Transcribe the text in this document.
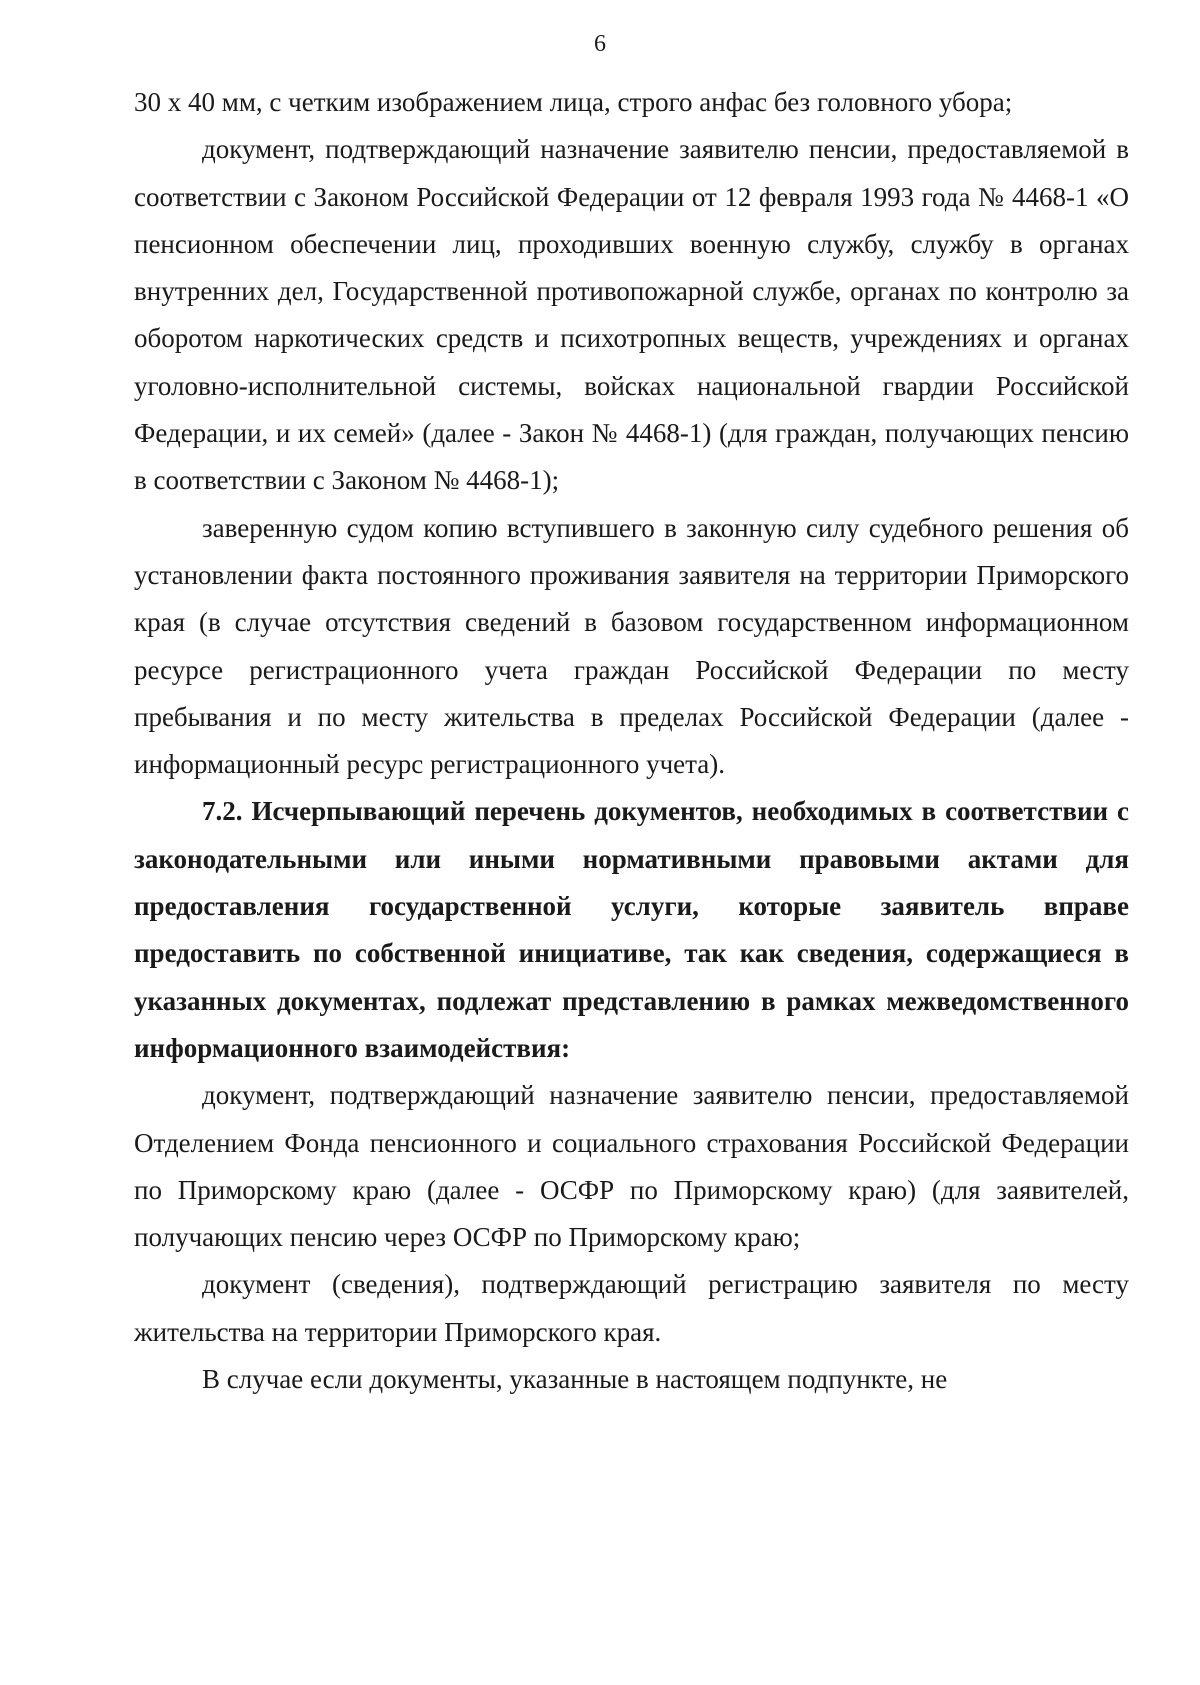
6

30 х 40 мм, с четким изображением лица, строго анфас без головного убора;

документ, подтверждающий назначение заявителю пенсии, предоставляемой в соответствии с Законом Российской Федерации от 12 февраля 1993 года № 4468-1 «О пенсионном обеспечении лиц, проходивших военную службу, службу в органах внутренних дел, Государственной противопожарной службе, органах по контролю за оборотом наркотических средств и психотропных веществ, учреждениях и органах уголовно-исполнительной системы, войсках национальной гвардии Российской Федерации, и их семей» (далее - Закон № 4468-1) (для граждан, получающих пенсию в соответствии с Законом № 4468-1);

заверенную судом копию вступившего в законную силу судебного решения об установлении факта постоянного проживания заявителя на территории Приморского края (в случае отсутствия сведений в базовом государственном информационном ресурсе регистрационного учета граждан Российской Федерации по месту пребывания и по месту жительства в пределах Российской Федерации (далее - информационный ресурс регистрационного учета).

7.2. Исчерпывающий перечень документов, необходимых в соответствии с законодательными или иными нормативными правовыми актами для предоставления государственной услуги, которые заявитель вправе предоставить по собственной инициативе, так как сведения, содержащиеся в указанных документах, подлежат представлению в рамках межведомственного информационного взаимодействия:

документ, подтверждающий назначение заявителю пенсии, предоставляемой Отделением Фонда пенсионного и социального страхования Российской Федерации по Приморскому краю (далее - ОСФР по Приморскому краю) (для заявителей, получающих пенсию через ОСФР по Приморскому краю;

документ (сведения), подтверждающий регистрацию заявителя по месту жительства на территории Приморского края.

В случае если документы, указанные в настоящем подпункте, не
